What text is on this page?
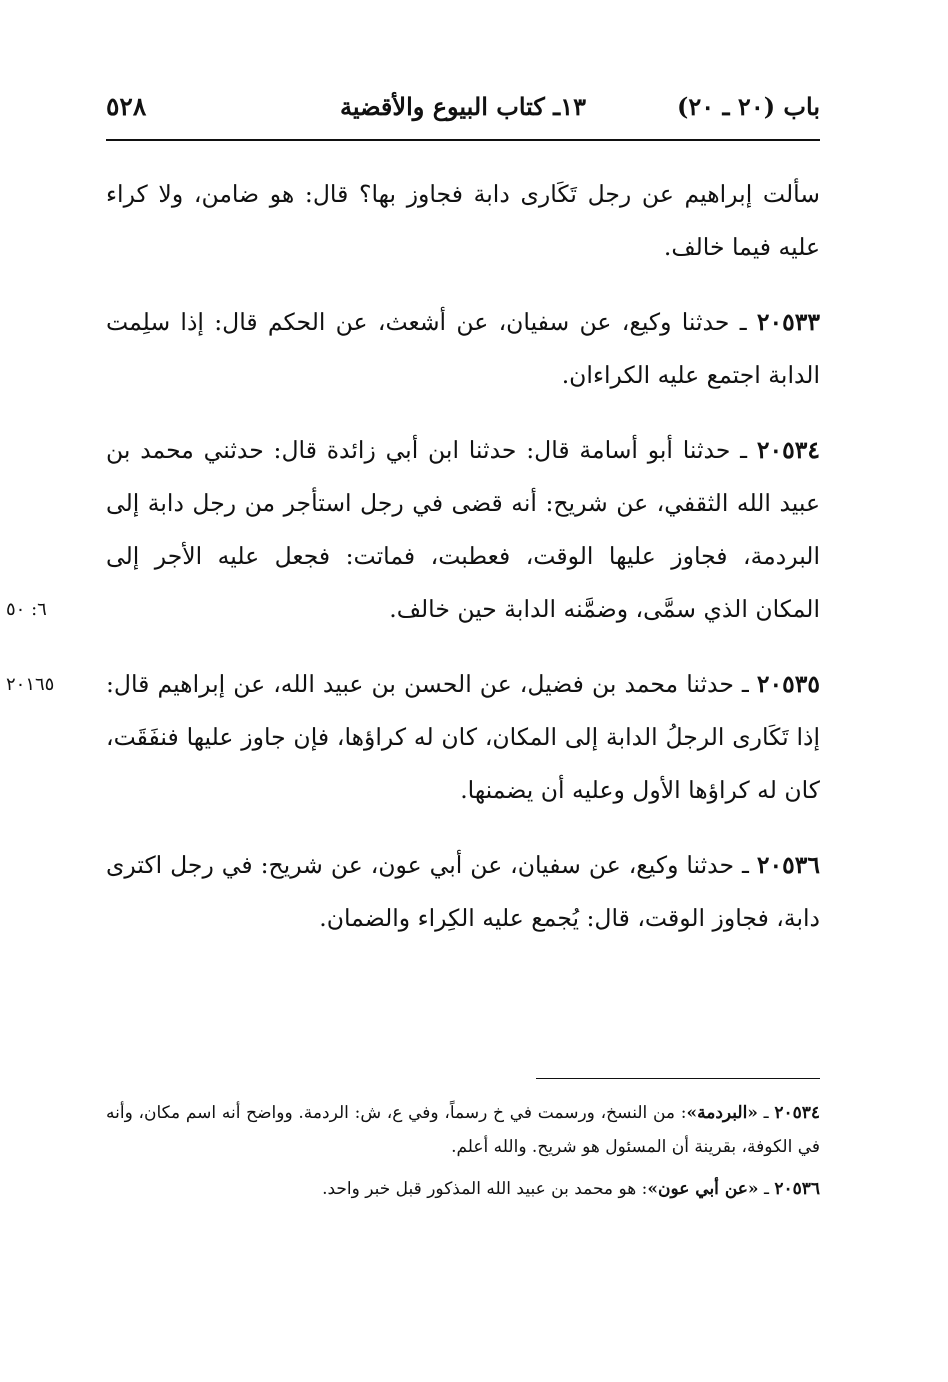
٥٢٨	١٣ـ كتاب البيوع والأقضية	باب (٢٠ ـ ٢٠)

سألت إبراهيم عن رجل تَكَارى دابة فجاوز بها؟ قال: هو ضامن، ولا كراء عليه فيما خالف.

٢٠٥٣٣ ـ حدثنا وكيع، عن سفيان، عن أشعث، عن الحكم قال: إذا سلِمت الدابة اجتمع عليه الكراءان.

٢٠٥٣٤ ـ حدثنا أبو أسامة قال: حدثنا ابن أبي زائدة قال: حدثني محمد بن عبيد الله الثقفي، عن شريح: أنه قضى في رجل استأجر من رجل دابة إلى البردمة، فجاوز عليها الوقت، فعطبت، فماتت: فجعل عليه الأجر إلى المكان الذي سمَّى، وضمَّنه الدابة حين خالف.
٦: ٥٠

٢٠٥٣٥ ـ حدثنا محمد بن فضيل، عن الحسن بن عبيد الله، عن إبراهيم قال: إذا تَكَارى الرجلُ الدابة إلى المكان، كان له كراؤها، فإن جاوز عليها فنفَقَت، كان له كراؤها الأول وعليه أن يضمنها.
٢٠١٦٥

٢٠٥٣٦ ـ حدثنا وكيع، عن سفيان، عن أبي عون، عن شريح: في رجل اكترى دابة، فجاوز الوقت، قال: يُجمع عليه الكِراء والضمان.

٢٠٥٣٤ ـ «البردمة»: من النسخ، ورسمت في خ رسماً، وفي ع، ش: الردمة. وواضح أنه اسم مكان، وأنه في الكوفة، بقرينة أن المسئول هو شريح. والله أعلم.

٢٠٥٣٦ ـ «عن أبي عون»: هو محمد بن عبيد الله المذكور قبل خبر واحد.
